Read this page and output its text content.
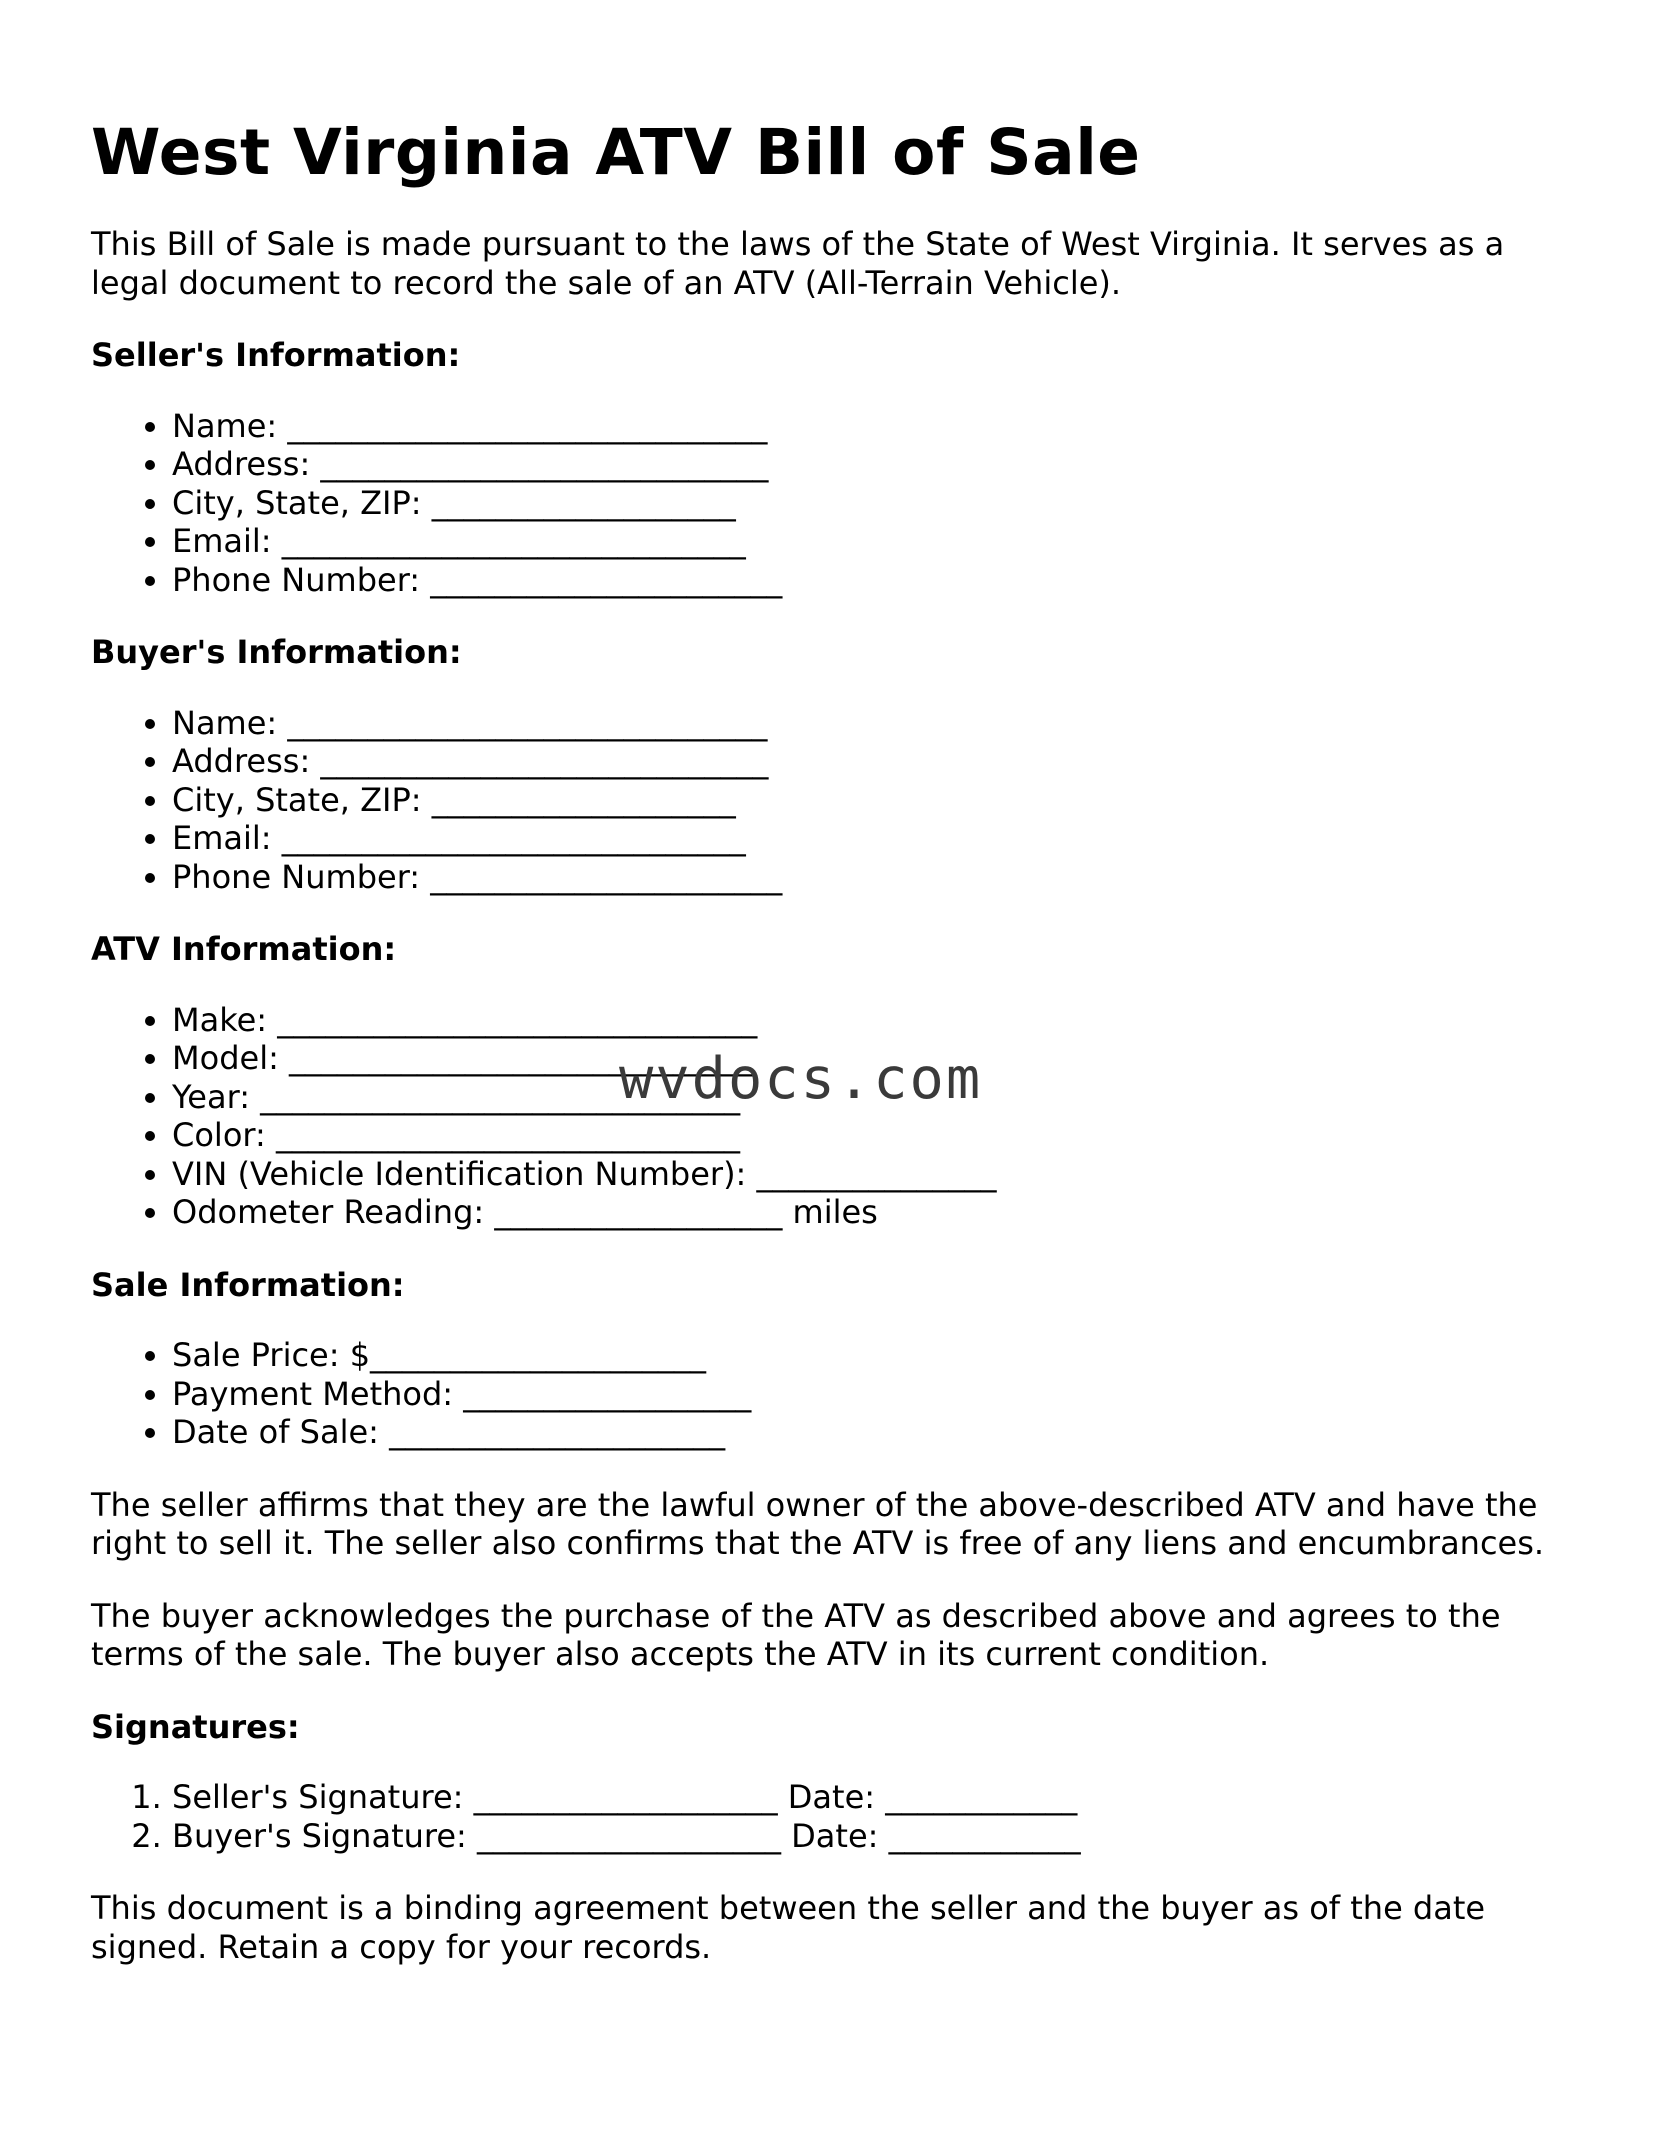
West Virginia ATV Bill of Sale

This Bill of Sale is made pursuant to the laws of the State of West Virginia. It serves as a legal document to record the sale of an ATV (All-Terrain Vehicle).

Seller's Information:
• Name: ______________________________
• Address: ____________________________
• City, State, ZIP: ___________________
• Email: _____________________________
• Phone Number: ______________________
Buyer's Information:
• Name: ______________________________
• Address: ____________________________
• City, State, ZIP: ___________________
• Email: _____________________________
• Phone Number: ______________________
ATV Information:
• Make: ______________________________
• Model: _____________________________
• Year: ______________________________
• Color: _____________________________
• VIN (Vehicle Identification Number): _______________
• Odometer Reading: __________________ miles
Sale Information:
• Sale Price: $_____________________
• Payment Method: __________________
• Date of Sale: _____________________

The seller affirms that they are the lawful owner of the above-described ATV and have the right to sell it. The seller also confirms that the ATV is free of any liens and encumbrances.

The buyer acknowledges the purchase of the ATV as described above and agrees to the terms of the sale. The buyer also accepts the ATV in its current condition.

Signatures:
1. Seller's Signature: ___________________ Date: ____________
2. Buyer's Signature: ___________________ Date: ____________

This document is a binding agreement between the seller and the buyer as of the date signed. Retain a copy for your records.

wvdocs.com
